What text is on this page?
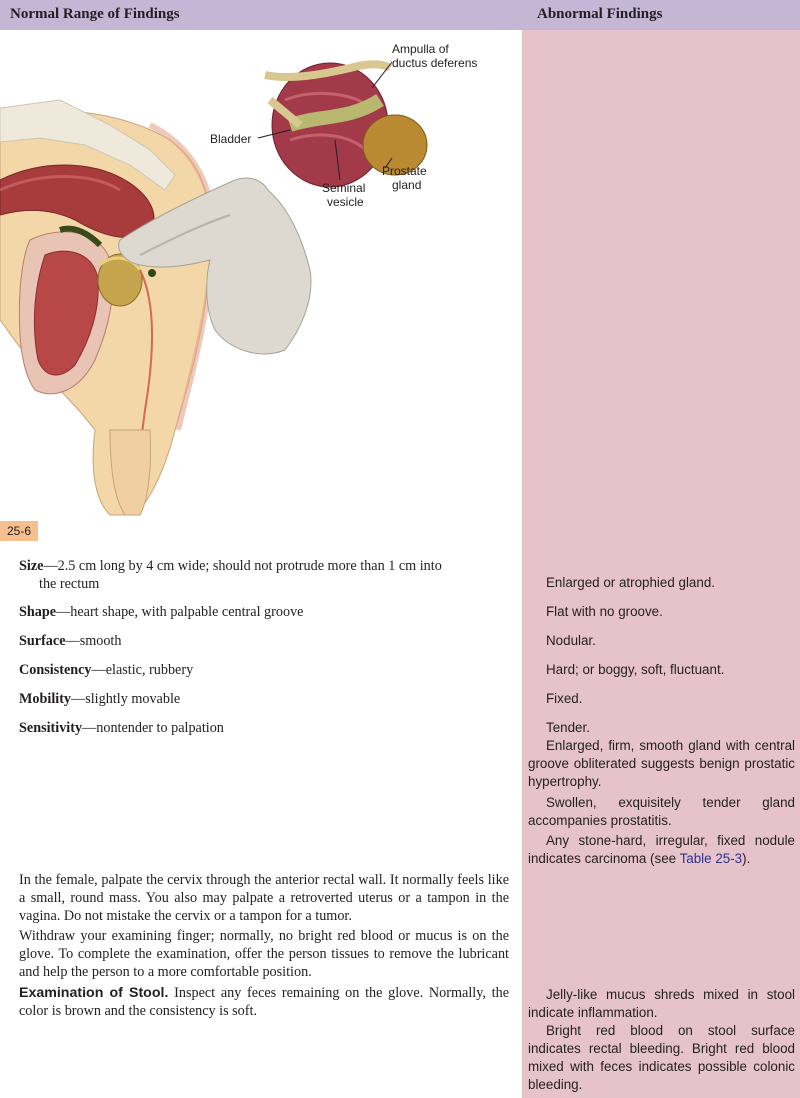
Normal Range of Findings	Abnormal Findings
Ampulla of
ductus deferens
Bladder
Prostate
gland
Seminal
vesicle
25-6

Size—2.5 cm long by 4 cm wide; should not protrude more than 1 cm into
the rectum

Shape—heart shape, with palpable central groove

Surface—smooth

Consistency—elastic, rubbery

Mobility—slightly movable

Sensitivity—nontender to palpation

Enlarged or atrophied gland.

Flat with no groove.

Nodular.

Hard; or boggy, soft, fluctuant.

Fixed.

Tender.

Enlarged, firm, smooth gland with central groove obliterated suggests benign prostatic hypertrophy.

Swollen, exquisitely tender gland accompanies prostatitis.

Any stone-hard, irregular, fixed nodule indicates carcinoma (see Table 25-3).

Jelly-like mucus shreds mixed in stool indicate inflammation.

Bright red blood on stool surface indicates rectal bleeding. Bright red blood mixed with feces indicates possible colonic bleeding.

In the female, palpate the cervix through the anterior rectal wall. It normally feels like a small, round mass. You also may palpate a retroverted uterus or a tampon in the vagina. Do not mistake the cervix or a tampon for a tumor.

Withdraw your examining finger; normally, no bright red blood or mucus is on the glove. To complete the examination, offer the person tissues to remove the lubricant and help the person to a more comfortable position.

Examination of Stool. Inspect any feces remaining on the glove. Normally, the color is brown and the consistency is soft.
